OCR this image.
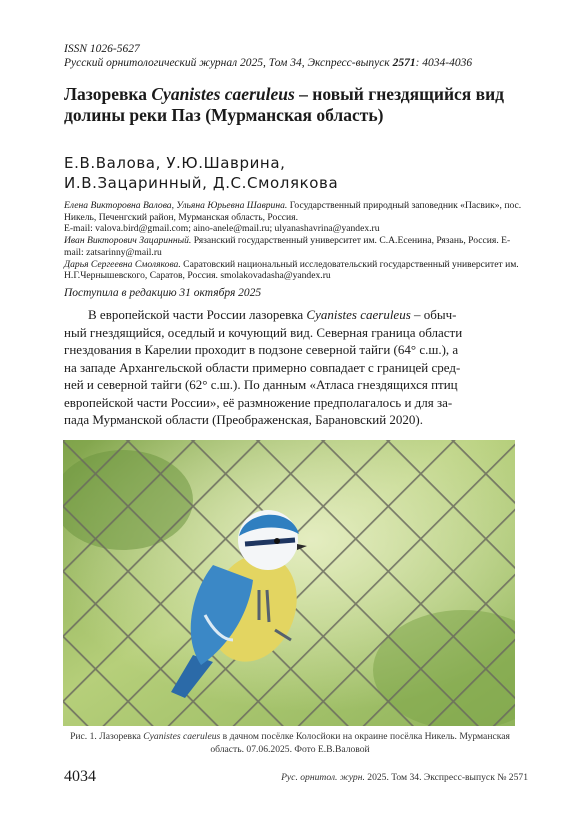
ISSN 1026-5627
Русский орнитологический журнал 2025, Том 34, Экспресс-выпуск 2571: 4034-4036
Лазоревка Cyanistes caeruleus – новый гнездящийся вид долины реки Паз (Мурманская область)
Е.В.Валова, У.Ю.Шаврина,
И.В.Зацаринный, Д.С.Смолякова
Елена Викторовна Валова, Ульяна Юрьевна Шаврина. Государственный природный заповедник «Пасвик», пос. Никель, Печенгский район, Мурманская область, Россия.
E-mail: valova.bird@gmail.com; aino-anele@mail.ru; ulyanashavrina@yandex.ru
Иван Викторович Зацаринный. Рязанский государственный университет им. С.А.Есенина, Рязань, Россия. E-mail: zatsarinny@mail.ru
Дарья Сергеевна Смолякова. Саратовский национальный исследовательский государственный университет им. Н.Г.Чернышевского, Саратов, Россия. smolakovadasha@yandex.ru
Поступила в редакцию 31 октября 2025
В европейской части России лазоревка Cyanistes caeruleus – обыч-
ный гнездящийся, оседлый и кочующий вид. Северная граница области
гнездования в Карелии проходит в подзоне северной тайги (64° с.ш.), а
на западе Архангельской области примерно совпадает с границей сред-
ней и северной тайги (62° с.ш.). По данным «Атласа гнездящихся птиц
европейской части России», её размножение предполагалось и для за-
пада Мурманской области (Преображенская, Барановский 2020).
Рис. 1. Лазоревка Cyanistes caeruleus в дачном посёлке Колосйоки на окраине посёлка Никель. Мурманская область. 07.06.2025. Фото Е.В.Валовой
4034	Рус. орнитол. журн. 2025. Том 34. Экспресс-выпуск № 2571
